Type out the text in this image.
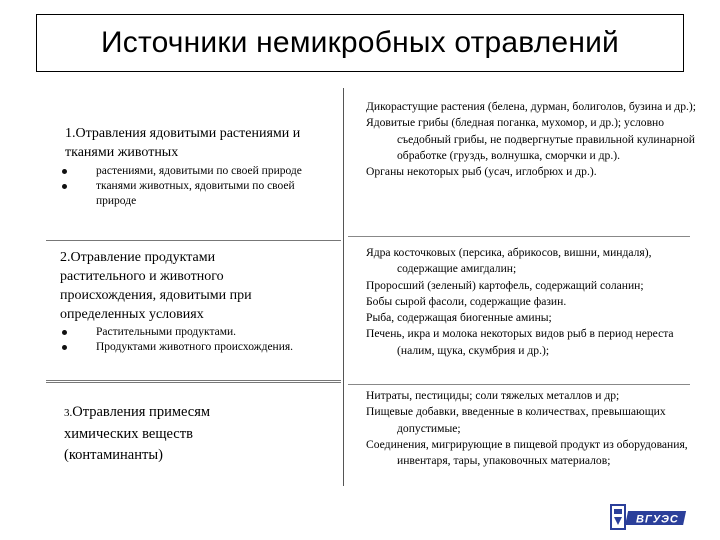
Источники немикробных отравлений
1.Отравления ядовитыми растениями и тканями животных
растениями, ядовитыми по своей природе
тканями животных, ядовитыми по своей природе
Дикорастущие растения (белена, дурман, болиголов, бузина и др.);
Ядовитые грибы (бледная поганка, мухомор, и др.); условно съедобный грибы, не подвергнутые правильной кулинарной обработке (груздь, волнушка, сморчки и др.).
Органы некоторых рыб (усач, иглобрюх и др.).
2.Отравление продуктами растительного и животного происхождения, ядовитыми при определенных условиях
Растительными продуктами.
Продуктами животного происхождения.
Ядра косточковых (персика, абрикосов, вишни, миндаля), содержащие амигдалин;
Проросший (зеленый) картофель, содержащий соланин;
Бобы сырой фасоли, содержащие фазин.
Рыба, содержащая биогенные амины;
Печень, икра и молока некоторых видов рыб в период нереста (налим, щука, скумбрия и др.);
3.Отравления примесям химических веществ (контаминанты)
Нитраты, пестициды; соли тяжелых металлов и др;
Пищевые добавки, введенные в количествах, превышающих допустимые;
Соединения, мигрирующие в пищевой продукт из оборудования, инвентаря, тары, упаковочных материалов;
ВГУЭС
